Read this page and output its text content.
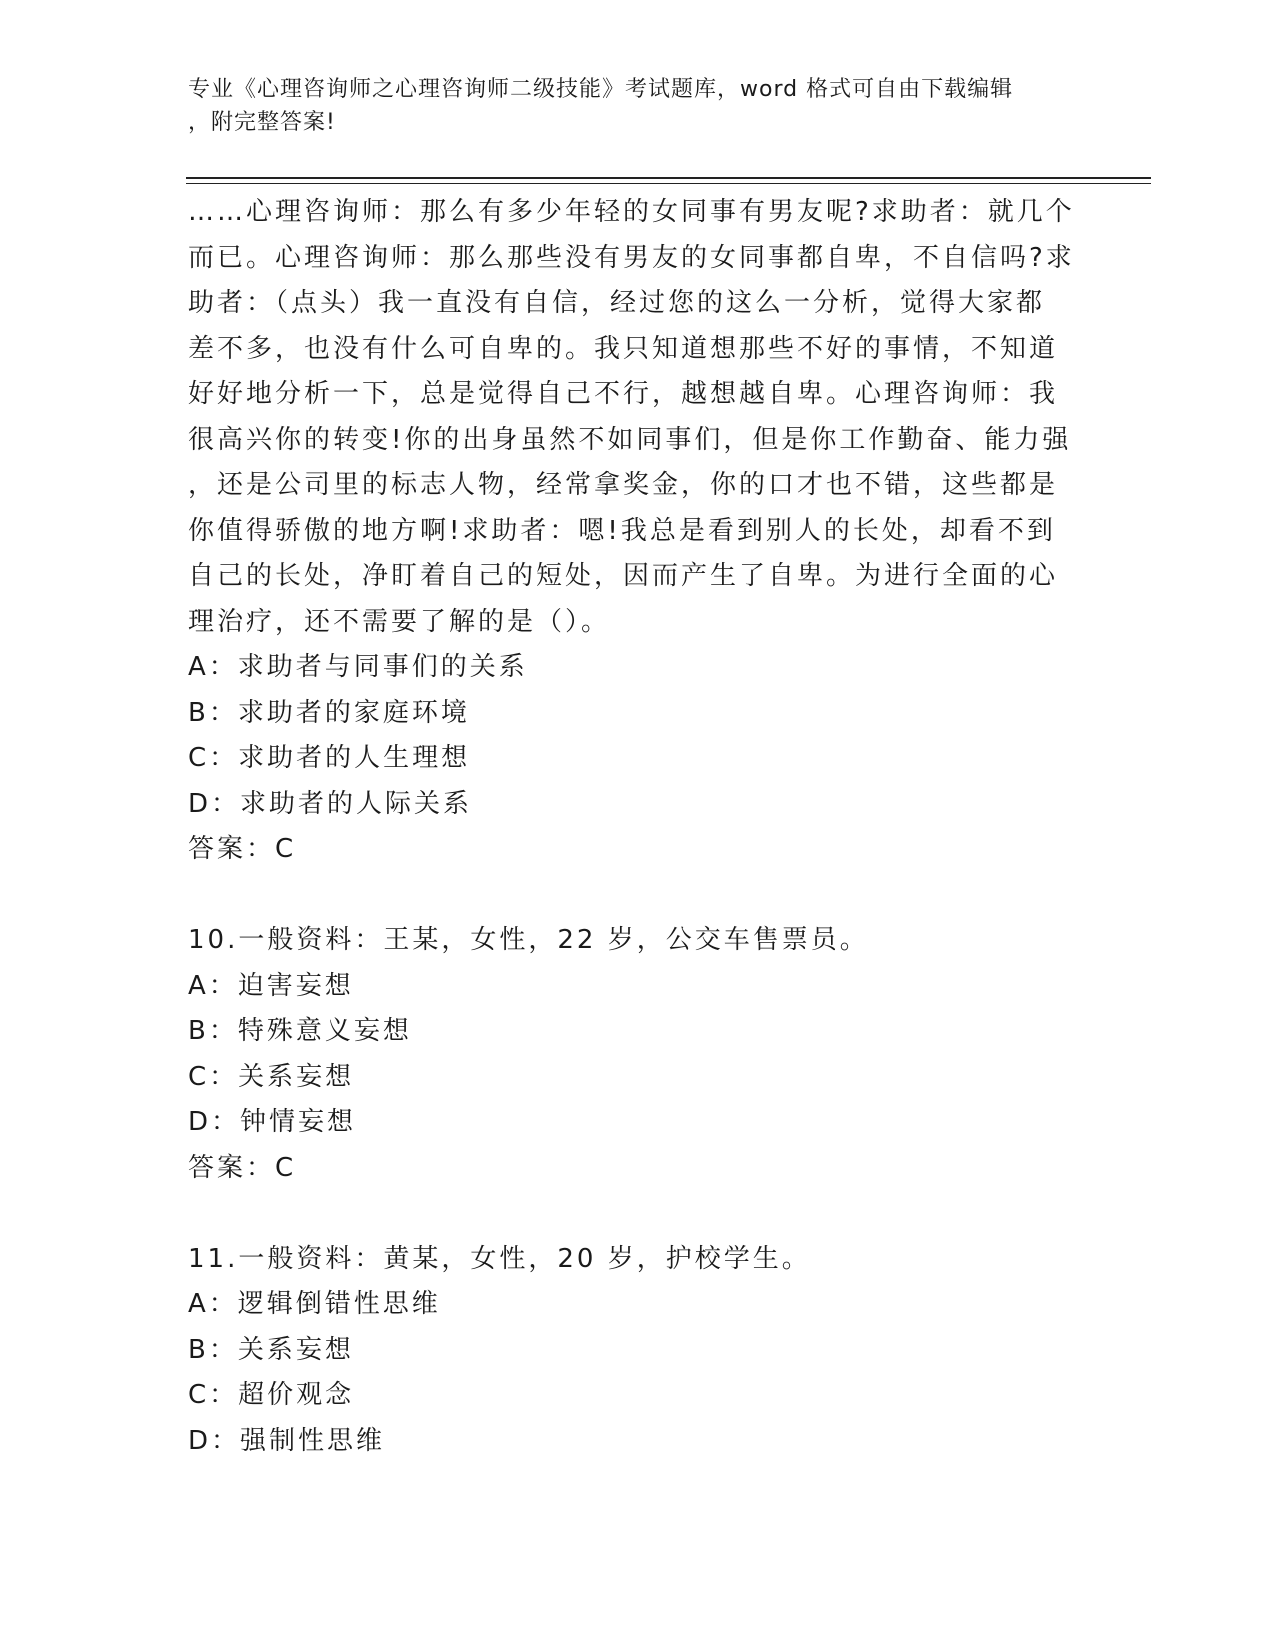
专业《心理咨询师之心理咨询师二级技能》考试题库，word 格式可自由下载编辑
，附完整答案!
……心理咨询师：那么有多少年轻的女同事有男友呢?求助者：就几个
而已。心理咨询师：那么那些没有男友的女同事都自卑，不自信吗?求
助者：（点头）我一直没有自信，经过您的这么一分析，觉得大家都
差不多，也没有什么可自卑的。我只知道想那些不好的事情，不知道
好好地分析一下，总是觉得自己不行，越想越自卑。心理咨询师：我
很高兴你的转变!你的出身虽然不如同事们，但是你工作勤奋、能力强
，还是公司里的标志人物，经常拿奖金，你的口才也不错，这些都是
你值得骄傲的地方啊!求助者：嗯!我总是看到别人的长处，却看不到
自己的长处，净盯着自己的短处，因而产生了自卑。为进行全面的心
理治疗，还不需要了解的是（）。
A：求助者与同事们的关系
B：求助者的家庭环境
C：求助者的人生理想
D：求助者的人际关系
答案：C
10.一般资料：王某，女性，22 岁，公交车售票员。
A：迫害妄想
B：特殊意义妄想
C：关系妄想
D：钟情妄想
答案：C
11.一般资料：黄某，女性，20 岁，护校学生。
A：逻辑倒错性思维
B：关系妄想
C：超价观念
D：强制性思维
